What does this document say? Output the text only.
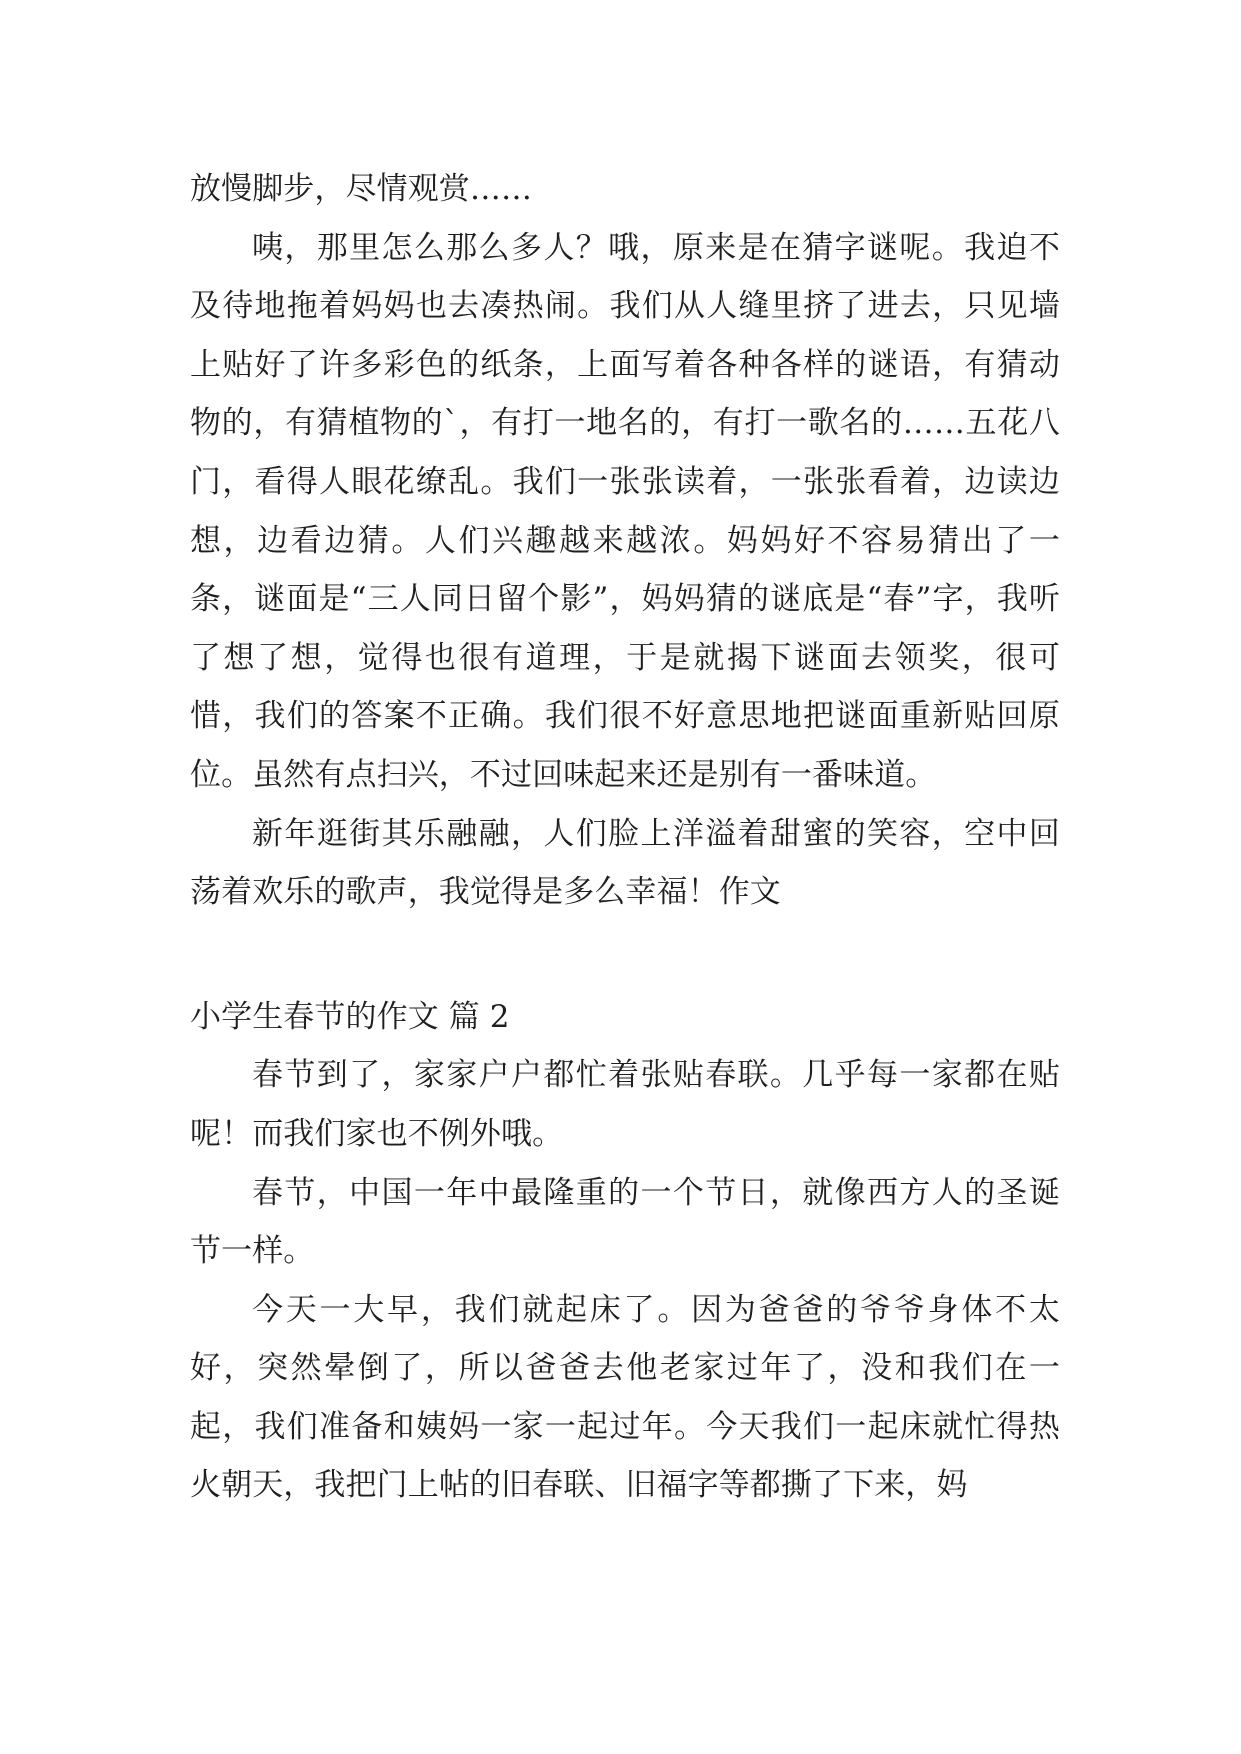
放慢脚步，尽情观赏……

咦，那里怎么那么多人？哦，原来是在猜字谜呢。我迫不及待地拖着妈妈也去凑热闹。我们从人缝里挤了进去，只见墙上贴好了许多彩色的纸条，上面写着各种各样的谜语，有猜动物的，有猜植物的`，有打一地名的，有打一歌名的……五花八门，看得人眼花缭乱。我们一张张读着，一张张看着，边读边想，边看边猜。人们兴趣越来越浓。妈妈好不容易猜出了一条，谜面是“三人同日留个影”，妈妈猜的谜底是“春”字，我听了想了想，觉得也很有道理，于是就揭下谜面去领奖，很可惜，我们的答案不正确。我们很不好意思地把谜面重新贴回原位。虽然有点扫兴，不过回味起来还是别有一番味道。

新年逛街其乐融融，人们脸上洋溢着甜蜜的笑容，空中回荡着欢乐的歌声，我觉得是多么幸福！作文

小学生春节的作文 篇 2

春节到了，家家户户都忙着张贴春联。几乎每一家都在贴呢！而我们家也不例外哦。

春节，中国一年中最隆重的一个节日，就像西方人的圣诞节一样。

今天一大早，我们就起床了。因为爸爸的爷爷身体不太好，突然晕倒了，所以爸爸去他老家过年了，没和我们在一起，我们准备和姨妈一家一起过年。今天我们一起床就忙得热火朝天，我把门上帖的旧春联、旧福字等都撕了下来，妈
